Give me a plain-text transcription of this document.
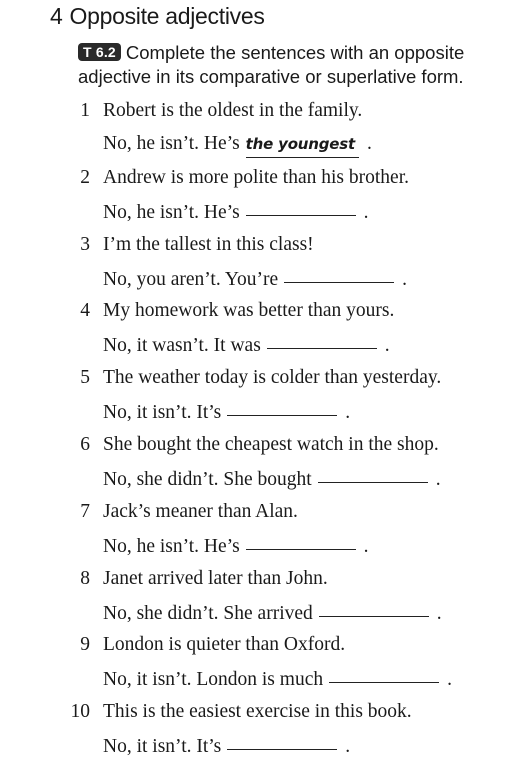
4 Opposite adjectives
T 6.2 Complete the sentences with an opposite adjective in its comparative or superlative form.
1 Robert is the oldest in the family.
No, he isn’t. He’s the youngest .
2 Andrew is more polite than his brother.
No, he isn’t. He’s	.
3 I’m the tallest in this class!
No, you aren’t. You’re	.
4 My homework was better than yours.
No, it wasn’t. It was	.
5 The weather today is colder than yesterday.
No, it isn’t. It’s	.
6 She bought the cheapest watch in the shop.
No, she didn’t. She bought	.
7 Jack’s meaner than Alan.
No, he isn’t. He’s	.
8 Janet arrived later than John.
No, she didn’t. She arrived	.
9 London is quieter than Oxford.
No, it isn’t. London is much	.
10 This is the easiest exercise in this book.
No, it isn’t. It’s	.
